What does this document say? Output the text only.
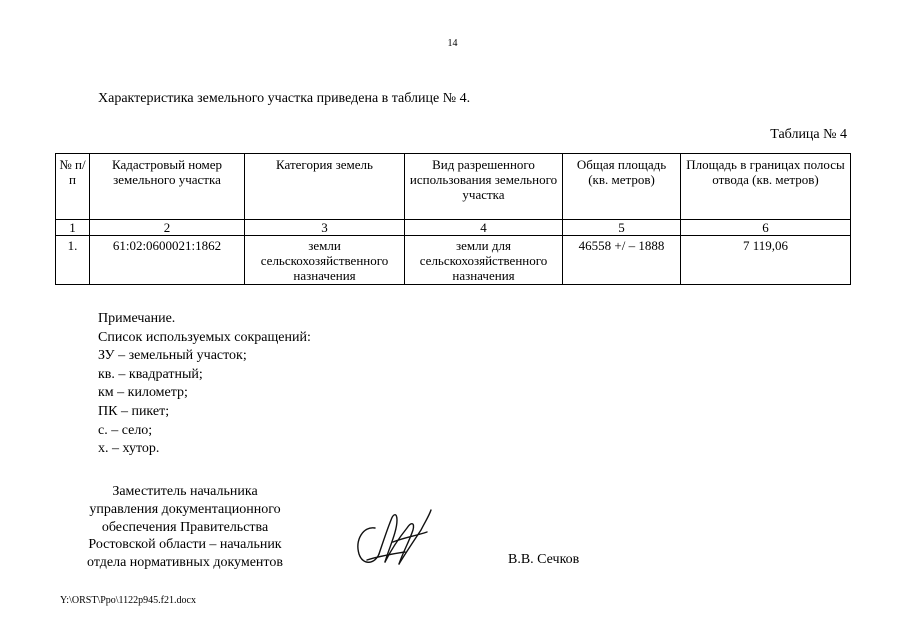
14
Характеристика земельного участка приведена в таблице № 4.
Таблица № 4
№ п/п	Кадастровый номер земельного участка	Категория земель	Вид разрешенного использования земельного участка	Общая площадь (кв. метров)	Площадь в границах полосы отвода (кв. метров)
1	2	3	4	5	6
1.	61:02:0600021:1862	земли сельскохозяйственного назначения	земли для сельскохозяйственного назначения	46558 +/ – 1888	7 119,06
Примечание.
Список используемых сокращений:
ЗУ – земельный участок;
кв. – квадратный;
км – километр;
ПК – пикет;
с. – село;
х. – хутор.
Заместитель начальника
управления документационного
обеспечения Правительства
Ростовской области – начальник
отдела нормативных документов	В.В. Сечков
Y:\ORST\Ppo\1122p945.f21.docx
